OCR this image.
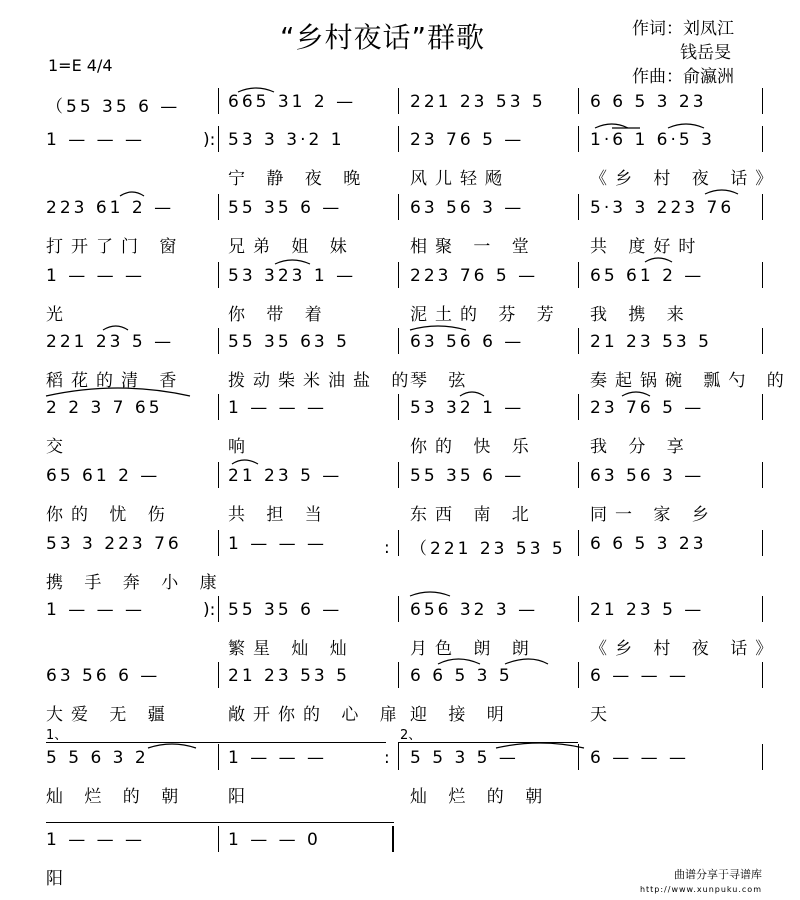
“乡村夜话”群歌	作词：刘凤江
钱岳旻
作曲：俞瀛洲
1=E 4/4
（55 35 6 —	665 31 2 —	221 23 53 5	6 6 5 3 23
1 — — —	53 3 3·2 1	23 76 5 —	1·6 1 6·5 3
宁 静 夜 晚 风儿轻飏	《乡 村 夜 话》
223 61 2 —	55 35 6 —	63 56 3 —	5·3 3 223 76
打开了门 窗	兄弟 姐 妹	相聚 一 堂	共 度好时
1 — — —	53 323 1 —	223 76 5 —	65 61 2 —
光	你 带 着	泥土的 芬 芳 我 携 来
221 23 5 —	55 35 63 5	63 56 6 —	21 23 53 5
稻花的清 香	拨动柴米油盐 的
琴 弦	奏起锅碗 瓢勺 的
2 2 3 7 65	1 — — —	53 32 1 —	23 76 5 —
交	响	你的 快 乐	我 分 享
65 61 2 —	21 23 5 —	55 35 6 —	63 56 3 —
你的 忧 伤	共 担 当	东西 南 北	同一 家 乡
53 3 223 76	1 — — —	（221 23 53 5 6 6 5 3 23
携 手 奔 小 康
1 — — —	55 35 6 —	656 32 3 —	21 23 5 —
繁星 灿 灿	月色 朗 朗	《乡 村 夜 话》
63 56 6 —	21 23 53 5	6 6 5 3 5	6 — — —
大爱 无 疆	敞开你的 心 扉 迎 接 明	天
5 5 6 3 2	1 — — —	5 5 3 5 —	6 — — —
灿 烂 的 朝 阳	灿 烂 的 朝
1 — — —	1 — — 0
阳
):
:
):
:
1、	2、
曲谱分享于寻谱库
http://www.xunpuku.com
